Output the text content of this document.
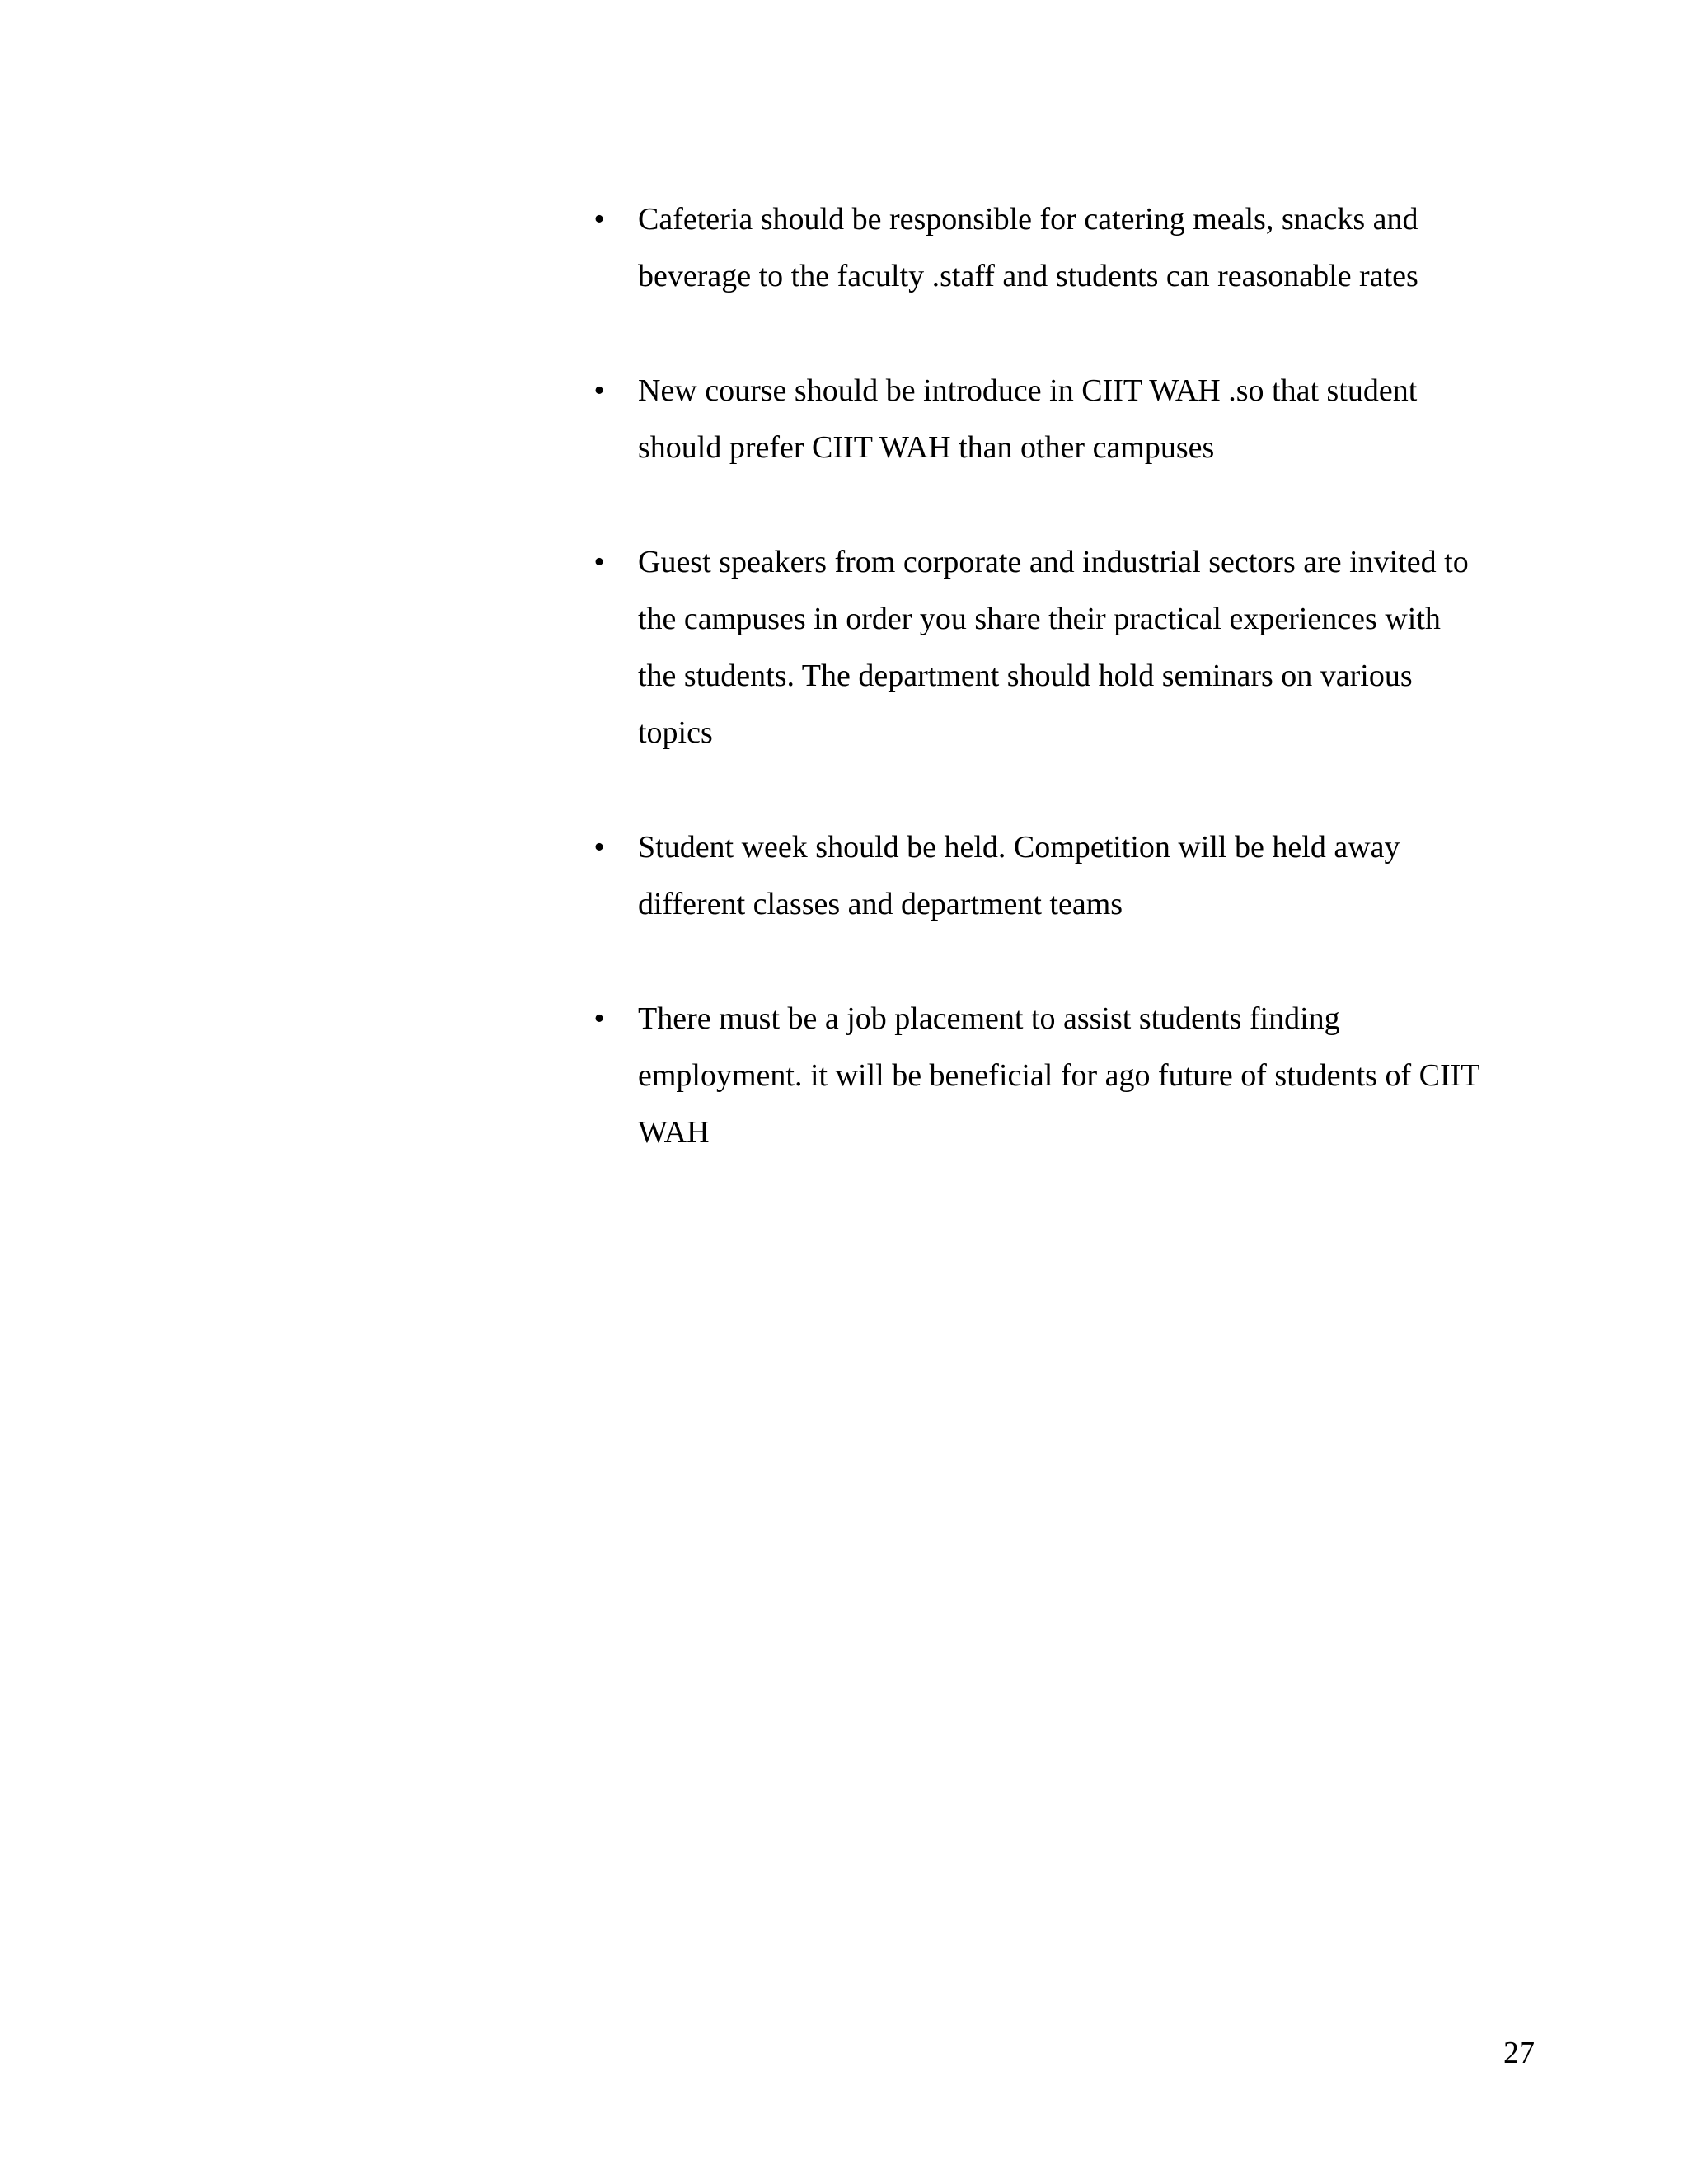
• Cafeteria should be responsible for catering meals, snacks and
beverage to the faculty .staff and students can reasonable rates
• New course should be introduce in CIIT WAH .so that student
should prefer CIIT WAH than other campuses
• Guest speakers from corporate and industrial sectors are invited to
the campuses in order you share their practical experiences with
the students. The department should hold seminars on various
topics
• Student week should be held. Competition will be held away
different classes and department teams
• There must be a job placement to assist students finding
employment. it will be beneficial for ago future of students of CIIT
WAH
27
